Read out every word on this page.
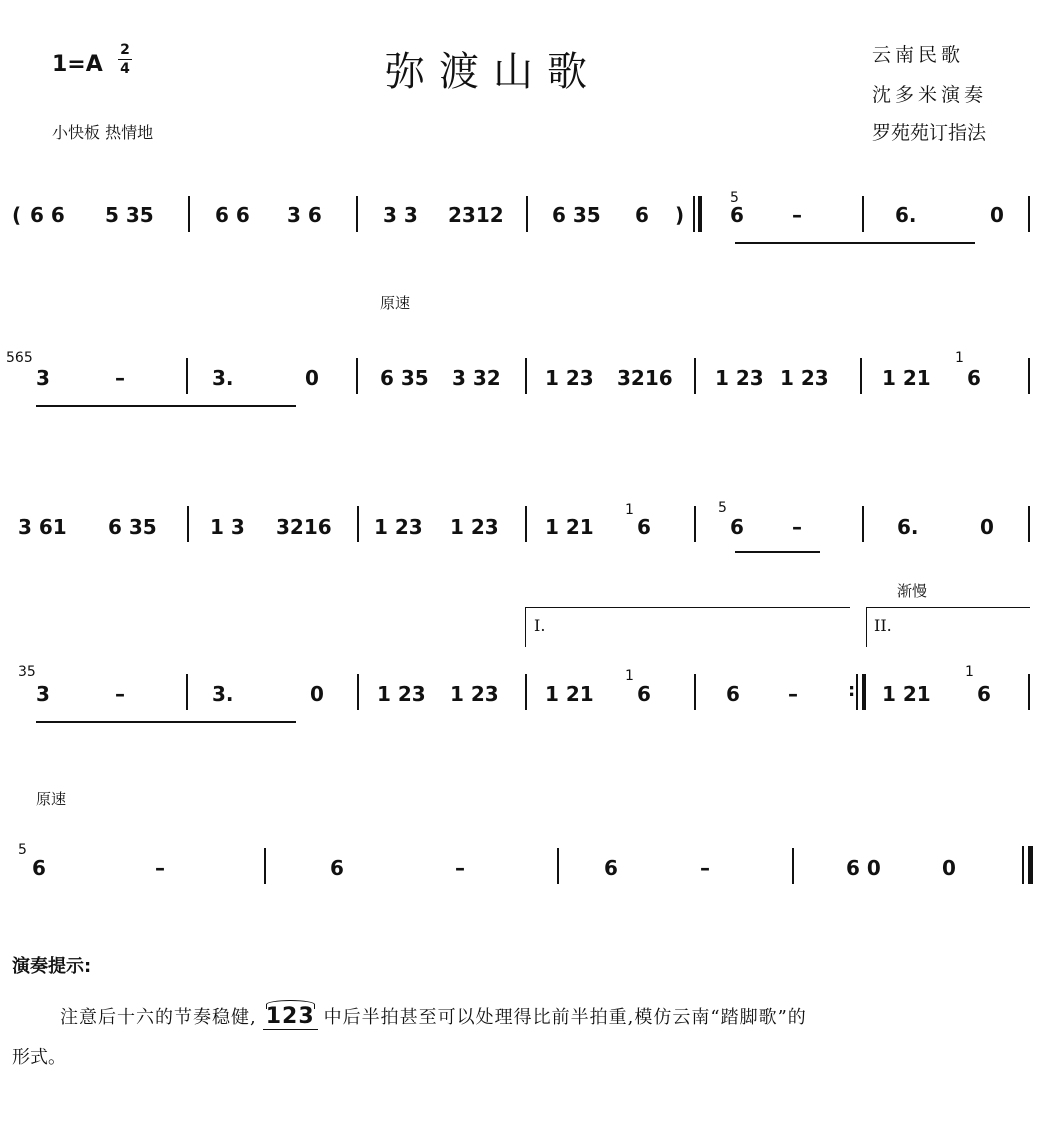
1=A
2
4	弥渡山歌	云南民歌
沈多米演奏
罗苑苑订指法
小快板 热情地
( 6 6 5 35	6 6 3 6	3 3 2312 6 35 6 )
5
6 –	6.	0
原速
565
3	–	3.	0	6 35 3 32 1 23 3216 1 23 1 23	1 21
1
6
3 61 6 35	1 3 3216 1 23 1 23 1 21
1
6
5
6 –	6.	0
渐慢
I.	II.
35
3	–	3.	0	1 23 1 23 1 21
1
6	6 –	: 1 21
1
6
原速
5
6	–	6	–	6	–	6 0	0
演奏提示:
注意后十六的节奏稳健, 123 中后半拍甚至可以处理得比前半拍重,模仿云南“踏脚歌”的
形式。
